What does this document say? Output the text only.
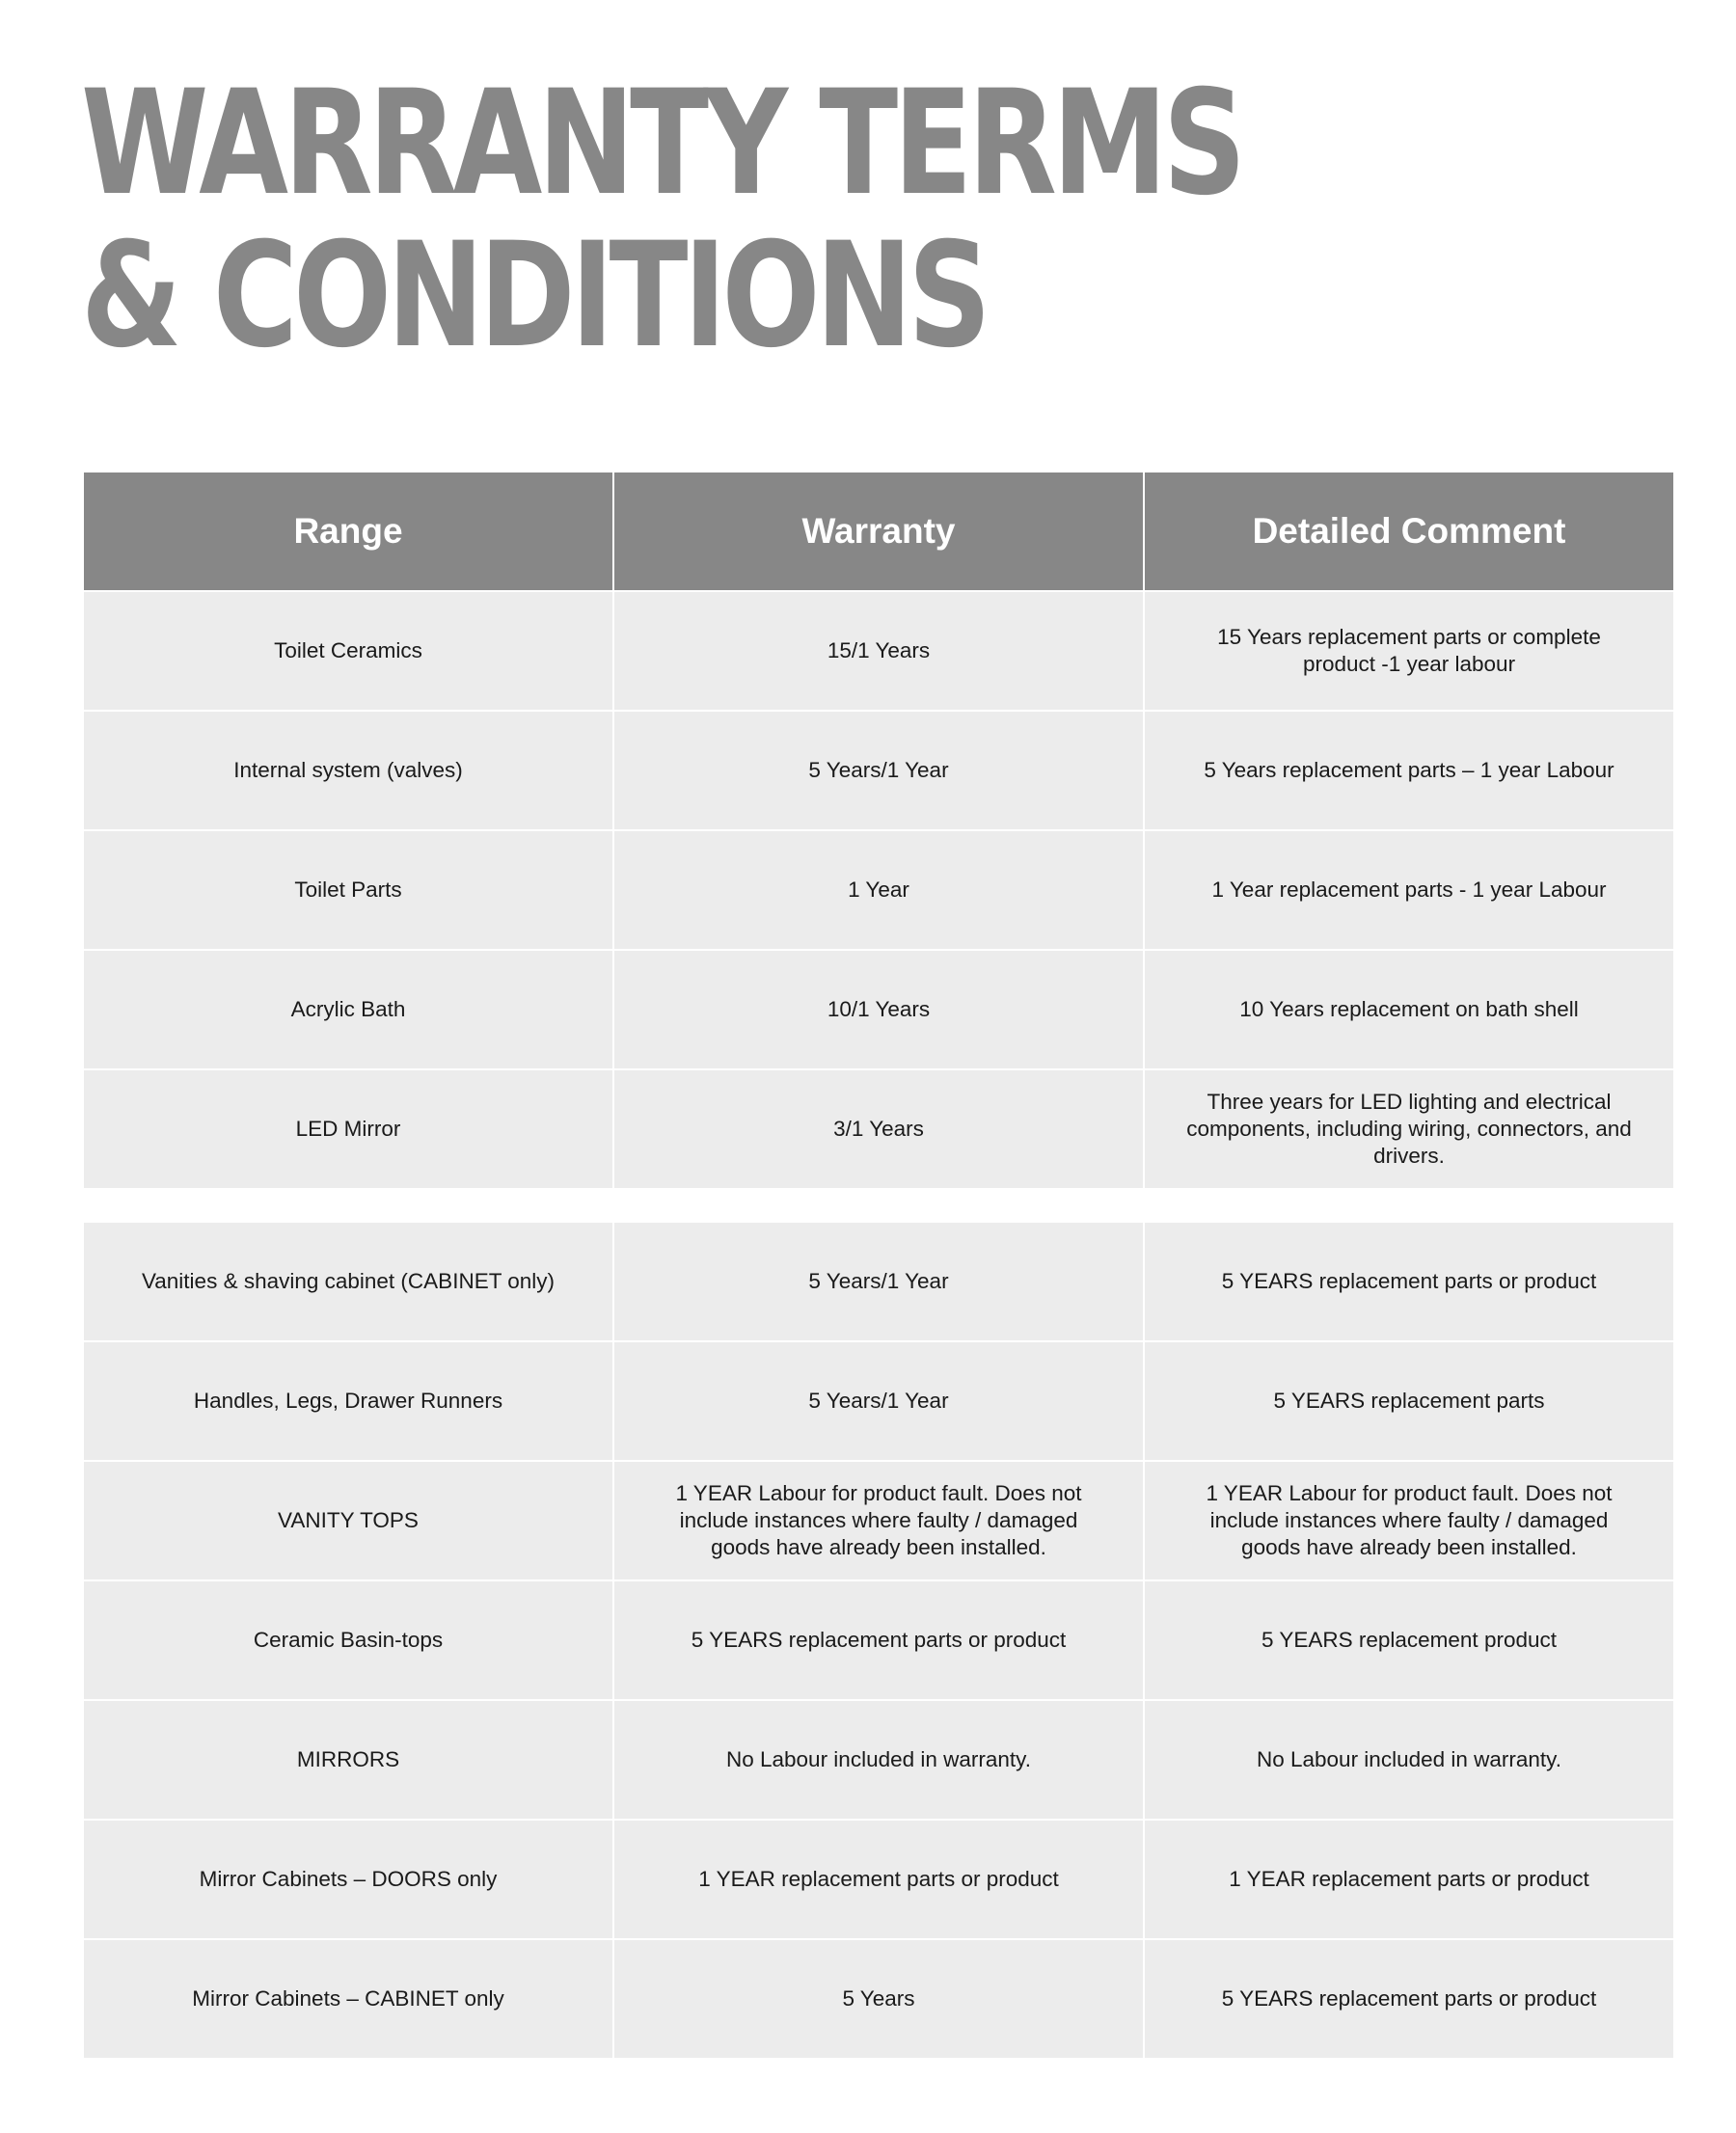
WARRANTY TERMS
& CONDITIONS
Range	Warranty	Detailed Comment
Toilet Ceramics	15/1 Years	15 Years replacement parts or complete product -1 year labour
Internal system (valves)	5 Years/1 Year	5 Years replacement parts – 1 year Labour
Toilet Parts	1 Year	1 Year replacement parts - 1 year Labour
Acrylic Bath	10/1 Years	10 Years replacement on bath shell
LED Mirror	3/1 Years	Three years for LED lighting and electrical components, including wiring, connectors, and drivers.
Vanities & shaving cabinet (CABINET only)	5 Years/1 Year	5 YEARS replacement parts or product
Handles, Legs, Drawer Runners	5 Years/1 Year	5 YEARS replacement parts
VANITY TOPS	1 YEAR Labour for product fault. Does not include instances where faulty / damaged goods have already been installed.	1 YEAR Labour for product fault. Does not include instances where faulty / damaged goods have already been installed.
Ceramic Basin-tops	5 YEARS replacement parts or product	5 YEARS replacement product
MIRRORS	No Labour included in warranty.	No Labour included in warranty.
Mirror Cabinets – DOORS only	1 YEAR replacement parts or product	1 YEAR replacement parts or product
Mirror Cabinets – CABINET only	5 Years	5 YEARS replacement parts or product
